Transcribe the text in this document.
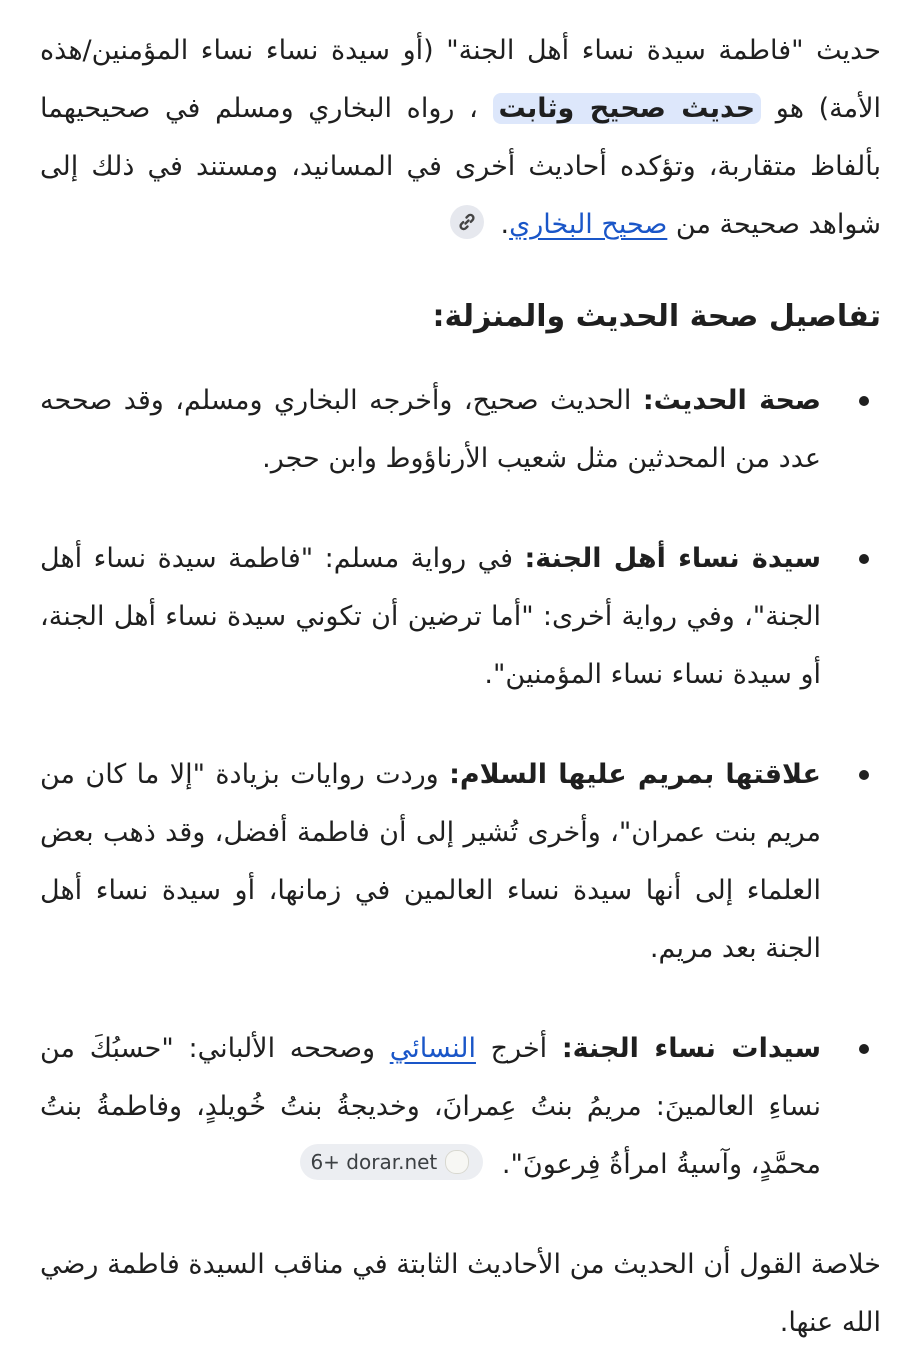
حديث "فاطمة سيدة نساء أهل الجنة" (أو سيدة نساء نساء المؤمنين/هذه الأمة) هو حديث صحيح وثابت ، رواه البخاري ومسلم في صحيحيهما بألفاظ متقاربة، وتؤكده أحاديث أخرى في المسانيد، ومستند في ذلك إلى شواهد صحيحة من صحيح البخاري.

تفاصيل صحة الحديث والمنزلة:
صحة الحديث: الحديث صحيح، وأخرجه البخاري ومسلم، وقد صححه عدد من المحدثين مثل شعيب الأرناؤوط وابن حجر.
سيدة نساء أهل الجنة: في رواية مسلم: "فاطمة سيدة نساء أهل الجنة"، وفي رواية أخرى: "أما ترضين أن تكوني سيدة نساء أهل الجنة، أو سيدة نساء نساء المؤمنين".
علاقتها بمريم عليها السلام: وردت روايات بزيادة "إلا ما كان من مريم بنت عمران"، وأخرى تُشير إلى أن فاطمة أفضل، وقد ذهب بعض العلماء إلى أنها سيدة نساء العالمين في زمانها، أو سيدة نساء أهل الجنة بعد مريم.
سيدات نساء الجنة: أخرج النسائي وصححه الألباني: "حسبُكَ من نساءِ العالمينَ: مريمُ بنتُ عِمرانَ، وخديجةُ بنتُ خُويلدٍ، وفاطمةُ بنتُ محمَّدٍ، وآسيةُ امرأةُ فِرعونَ".
6+ dorar.net

خلاصة القول أن الحديث من الأحاديث الثابتة في مناقب السيدة فاطمة رضي الله عنها.
